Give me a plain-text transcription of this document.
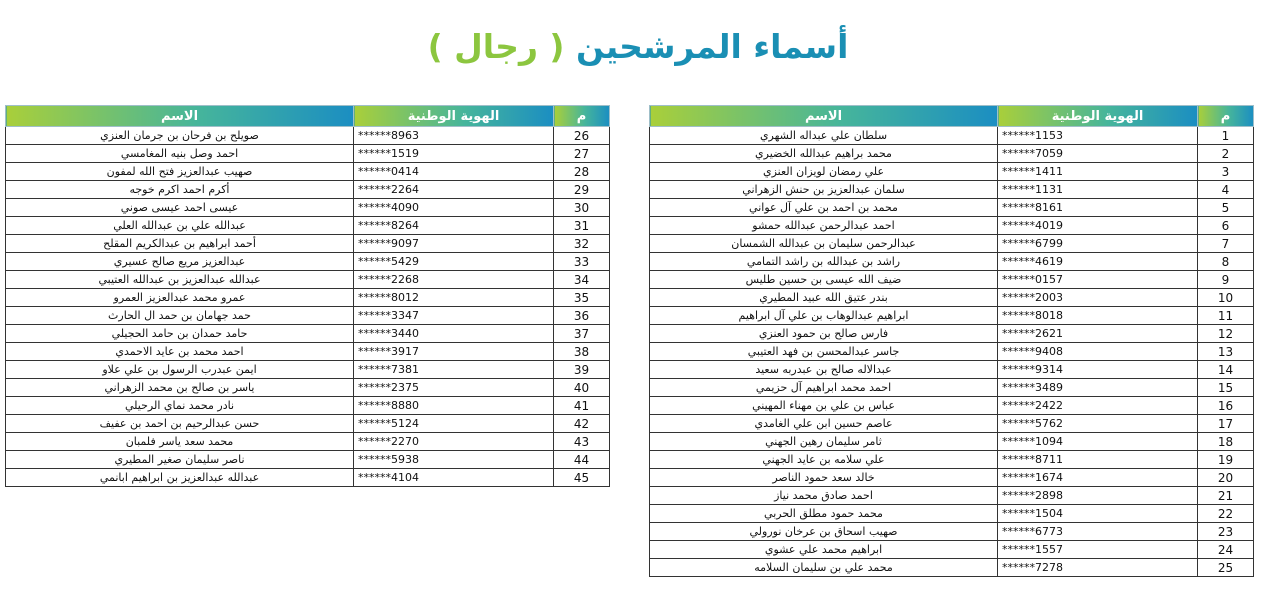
أسماء المرشحين ( رجال )
الاسم	الهوية الوطنية	م
سلطان علي عبداله الشهري	******1153	1
محمد براهيم عبدالله الخضيري	******7059	2
علي رمضان لويزان العنزي	******1411	3
سلمان عبدالعزيز بن حنش الزهراني	******1131	4
محمد بن احمد بن علي آل عواني	******8161	5
احمد عبدالرحمن عبدالله حمشو	******4019	6
عبدالرحمن سليمان بن عبدالله الشمسان	******6799	7
راشد بن عبدالله بن راشد التمامي	******4619	8
ضيف الله عيسى بن حسين طليس	******0157	9
بندر عتيق الله عبيد المطيري	******2003	10
ابراهيم عبدالوهاب بن علي آل ابراهيم	******8018	11
فارس صالح بن حمود العنزي	******2621	12
جاسر عبدالمحسن بن فهد العتيبي	******9408	13
عبدالاله صالح بن عبدربه سعيد	******9314	14
احمد محمد ابراهيم آل حزيمي	******3489	15
عباس بن علي بن مهناء المهيني	******2422	16
عاصم حسين ابن علي الغامدي	******5762	17
ثامر سليمان رهين الجهني	******1094	18
علي سلامه بن عايد الجهني	******8711	19
خالد سعد حمود الناصر	******1674	20
احمد صادق محمد نياز	******2898	21
محمد حمود مطلق الحربي	******1504	22
صهيب اسحاق بن عرخان نورولي	******6773	23
ابراهيم محمد علي عشوي	******1557	24
محمد علي بن سليمان السلامه	******7278	25
الاسم	الهوية الوطنية	م
صويلح بن فرحان بن جرمان العنزي	******8963	26
احمد وصل بنيه المغامسي	******1519	27
صهيب عبدالعزيز فتح الله لمفون	******0414	28
أكرم احمد اكرم خوجه	******2264	29
عيسى احمد عيسى صوني	******4090	30
عبدالله علي بن عبدالله العلي	******8264	31
أحمد ابراهيم بن عبدالكريم المقلح	******9097	32
عبدالعزيز مريع صالح عسيري	******5429	33
عبدالله عبدالعزيز بن عبدالله العتيبي	******2268	34
عمرو محمد عبدالعزيز العمرو	******8012	35
حمد جهامان بن حمد ال الحارث	******3347	36
حامد حمدان بن حامد الحجيلي	******3440	37
احمد محمد بن عايد الاحمدي	******3917	38
ايمن عبدرب الرسول بن علي علاو	******7381	39
ياسر بن صالح بن محمد الزهراني	******2375	40
نادر محمد نماي الرحيلي	******8880	41
حسن عبدالرحيم بن احمد بن عفيف	******5124	42
محمد سعد ياسر فلمبان	******2270	43
ناصر سليمان صغير المطيري	******5938	44
عبدالله عبدالعزيز بن ابراهيم ابانمي	******4104	45
